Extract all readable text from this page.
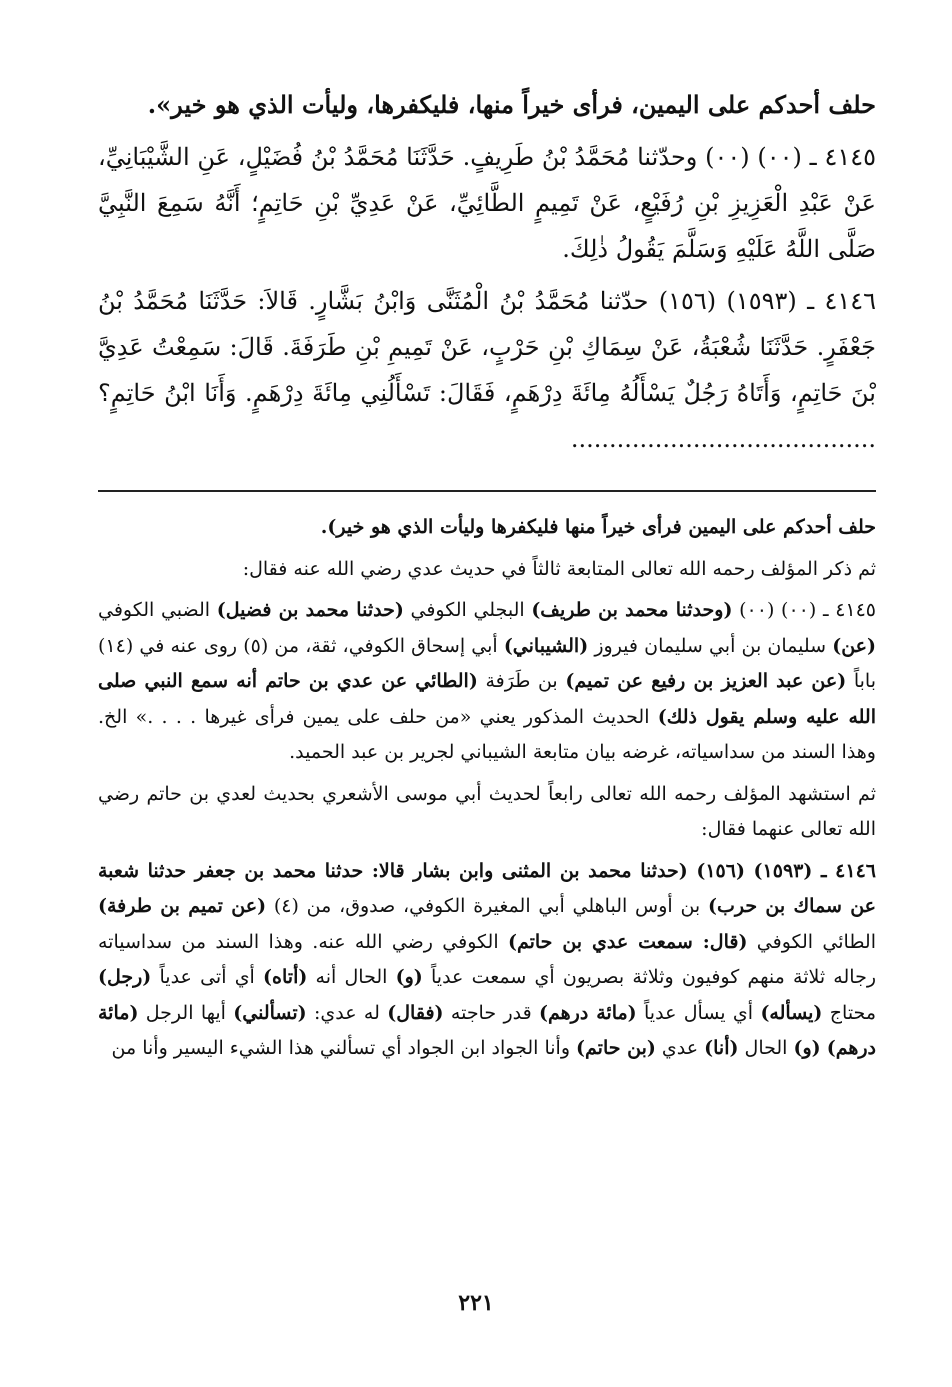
حلف أحدكم على اليمين، فرأى خيراً منها، فليكفرها، وليأت الذي هو خير».

٤١٤٥ ـ (٠٠) (٠٠) وحدّثنا مُحَمَّدُ بْنُ طَرِيفٍ. حَدَّثَنَا مُحَمَّدُ بْنُ فُضَيْلٍ، عَنِ الشَّيْبَانِيِّ، عَنْ عَبْدِ الْعَزِيزِ بْنِ رُفَيْعٍ، عَنْ تَمِيمٍ الطَّائِيِّ، عَنْ عَدِيِّ بْنِ حَاتِمٍ؛ أَنَّهُ سَمِعَ النَّبِيَّ صَلَّى اللَّهُ عَلَيْهِ وَسَلَّمَ يَقُولُ ذٰلِكَ.

٤١٤٦ ـ (١٥٩٣) (١٥٦) حدّثنا مُحَمَّدُ بْنُ الْمُثَنَّى وَابْنُ بَشَّارٍ. قَالاَ: حَدَّثَنَا مُحَمَّدُ بْنُ جَعْفَرٍ. حَدَّثَنَا شُعْبَةُ، عَنْ سِمَاكِ بْنِ حَرْبٍ، عَنْ تَمِيمِ بْنِ طَرَفَةَ. قَالَ: سَمِعْتُ عَدِيَّ بْنَ حَاتِمٍ، وَأَتَاهُ رَجُلٌ يَسْأَلُهُ مِائَةَ دِرْهَمٍ، فَقَالَ: تَسْأَلُنِي مِائَةَ دِرْهَمٍ. وَأَنَا ابْنُ حَاتِمٍ؟ ........................................

حلف أحدكم على اليمين فرأى خيراً منها فليكفرها وليأت الذي هو خير).

ثم ذكر المؤلف رحمه الله تعالى المتابعة ثالثاً في حديث عدي رضي الله عنه فقال:

٤١٤٥ ـ (٠٠) (٠٠) (وحدثنا محمد بن طريف) البجلي الكوفي (حدثنا محمد بن فضيل) الضبي الكوفي (عن) سليمان بن أبي سليمان فيروز (الشيباني) أبي إسحاق الكوفي، ثقة، من (٥) روى عنه في (١٤) باباً (عن عبد العزيز بن رفيع عن تميم) بن طَرَفة (الطائي عن عدي بن حاتم أنه سمع النبي صلى الله عليه وسلم يقول ذلك) الحديث المذكور يعني «من حلف على يمين فرأى غيرها . . . .» الخ. وهذا السند من سداسياته، غرضه بيان متابعة الشيباني لجرير بن عبد الحميد.

ثم استشهد المؤلف رحمه الله تعالى رابعاً لحديث أبي موسى الأشعري بحديث لعدي بن حاتم رضي الله تعالى عنهما فقال:

٤١٤٦ ـ (١٥٩٣) (١٥٦) (حدثنا محمد بن المثنى وابن بشار قالا: حدثنا محمد بن جعفر حدثنا شعبة عن سماك بن حرب) بن أوس الباهلي أبي المغيرة الكوفي، صدوق، من (٤) (عن تميم بن طرفة) الطائي الكوفي (قال: سمعت عدي بن حاتم) الكوفي رضي الله عنه. وهذا السند من سداسياته رجاله ثلاثة منهم كوفيون وثلاثة بصريون أي سمعت عدياً (و) الحال أنه (أتاه) أي أتى عدياً (رجل) محتاج (يسأله) أي يسأل عدياً (مائة درهم) قدر حاجته (فقال) له عدي: (تسألني) أيها الرجل (مائة درهم) (و) الحال (أنا) عدي (بن حاتم) وأنا الجواد ابن الجواد أي تسألني هذا الشيء اليسير وأنا من

٢٢١
